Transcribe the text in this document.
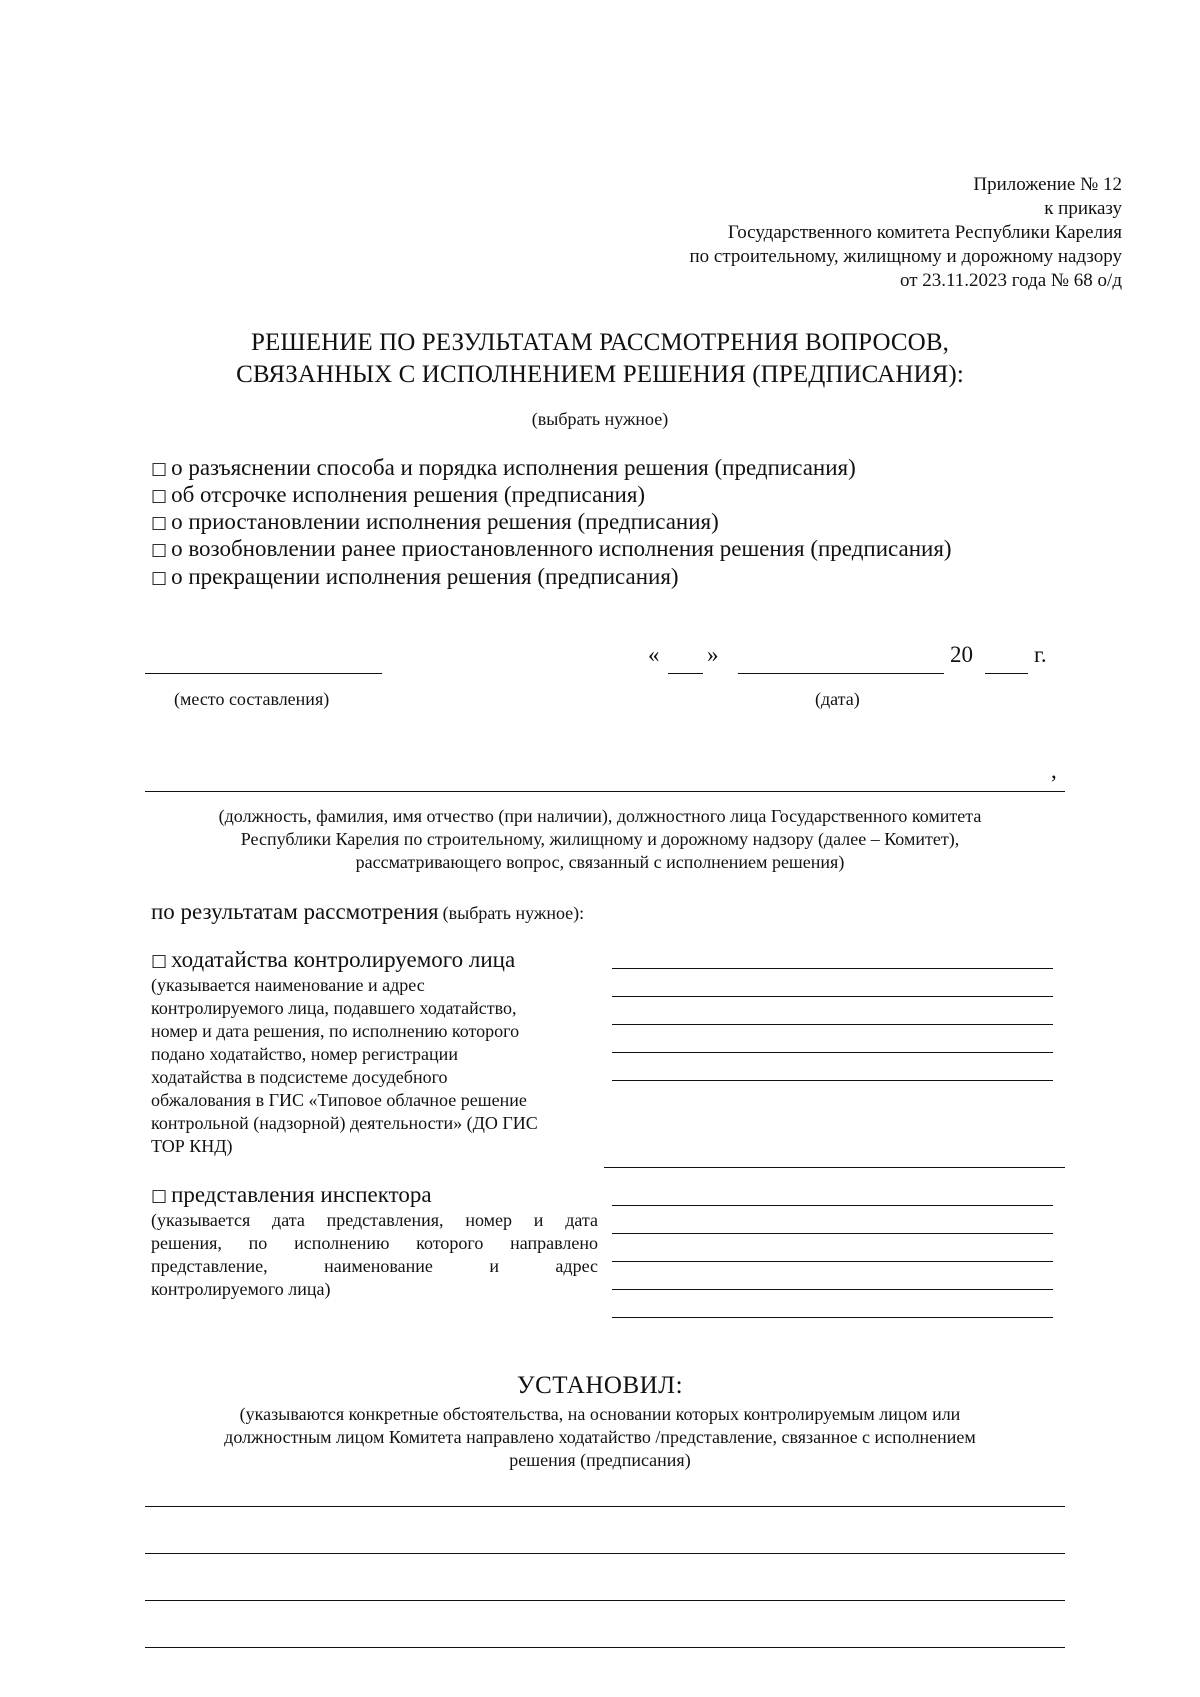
Приложение № 12
к приказу
Государственного комитета Республики Карелия
по строительному, жилищному и дорожному надзору
от 23.11.2023 года № 68 о/д
РЕШЕНИЕ ПО РЕЗУЛЬТАТАМ РАССМОТРЕНИЯ ВОПРОСОВ,
СВЯЗАННЫХ С ИСПОЛНЕНИЕМ РЕШЕНИЯ (ПРЕДПИСАНИЯ):
(выбрать нужное)
□ о разъяснении способа и порядка исполнения решения (предписания)
□ об отсрочке исполнения решения (предписания)
□ о приостановлении исполнения решения (предписания)
□ о возобновлении ранее приостановленного исполнения решения (предписания)
□ о прекращении исполнения решения (предписания)
« »	20	г.
(место составления)	(дата)
,
(должность, фамилия, имя отчество (при наличии), должностного лица Государственного комитета
Республики Карелия по строительному, жилищному и дорожному надзору (далее – Комитет),
рассматривающего вопрос, связанный с исполнением решения)
по результатам рассмотрения (выбрать нужное):
□ ходатайства контролируемого лица
(указывается наименование и адрес
контролируемого лица, подавшего ходатайство,
номер и дата решения, по исполнению которого
подано ходатайство, номер регистрации
ходатайства в подсистеме досудебного
обжалования в ГИС «Типовое облачное решение
контрольной (надзорной) деятельности» (ДО ГИС
ТОР КНД)
□ представления инспектора
(указывается дата представления, номер и дата
решения, по исполнению которого направлено
представление, наименование и адрес
контролируемого лица)
УСТАНОВИЛ:
(указываются конкретные обстоятельства, на основании которых контролируемым лицом или
должностным лицом Комитета направлено ходатайство /представление, связанное с исполнением
решения (предписания)
